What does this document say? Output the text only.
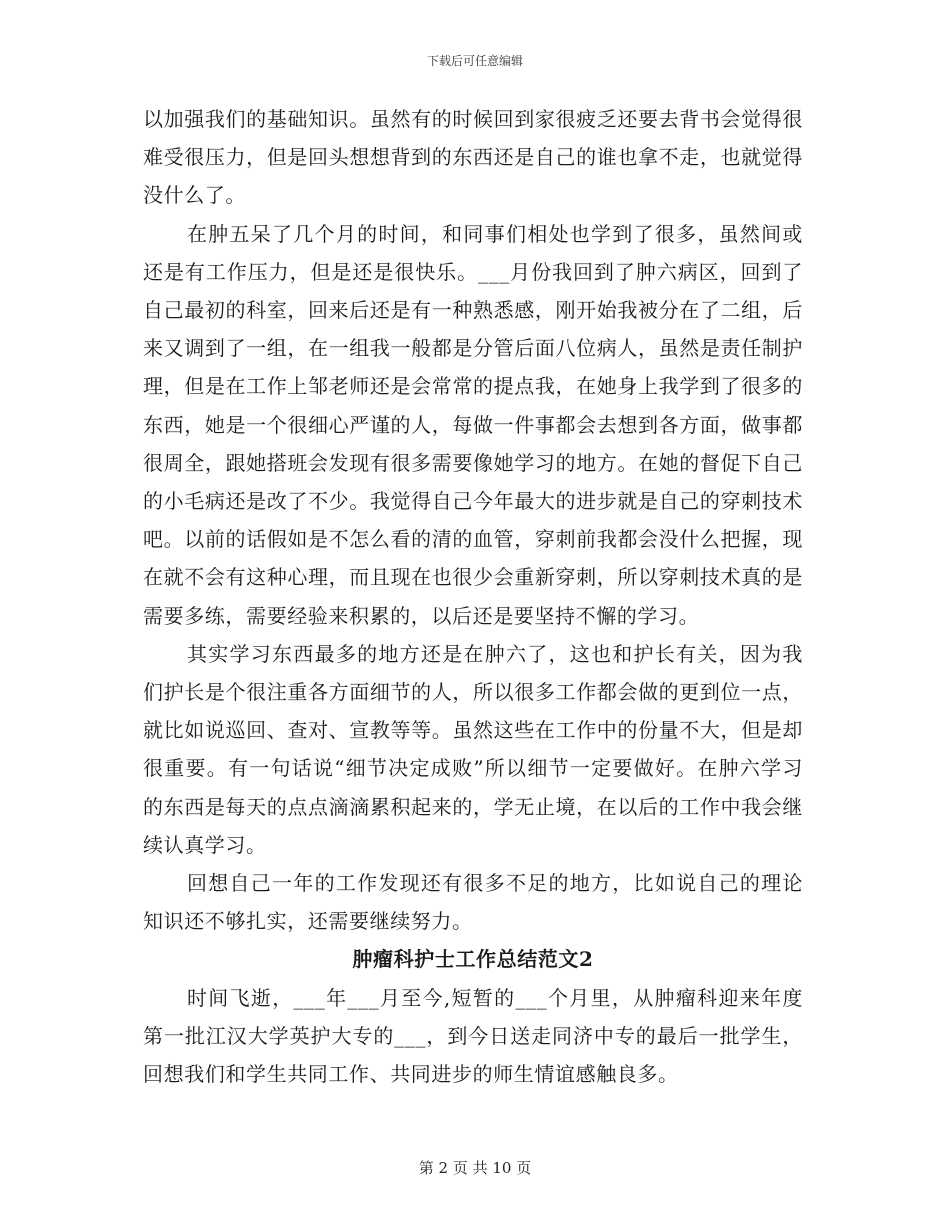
下载后可任意编辑

以加强我们的基础知识。虽然有的时候回到家很疲乏还要去背书会觉得很难受很压力，但是回头想想背到的东西还是自己的谁也拿不走，也就觉得没什么了。

在肿五呆了几个月的时间，和同事们相处也学到了很多，虽然间或还是有工作压力，但是还是很快乐。___月份我回到了肿六病区，回到了自己最初的科室，回来后还是有一种熟悉感，刚开始我被分在了二组，后来又调到了一组，在一组我一般都是分管后面八位病人，虽然是责任制护理，但是在工作上邹老师还是会常常的提点我，在她身上我学到了很多的东西，她是一个很细心严谨的人，每做一件事都会去想到各方面，做事都很周全，跟她搭班会发现有很多需要像她学习的地方。在她的督促下自己的小毛病还是改了不少。我觉得自己今年最大的进步就是自己的穿刺技术吧。以前的话假如是不怎么看的清的血管，穿刺前我都会没什么把握，现在就不会有这种心理，而且现在也很少会重新穿刺，所以穿刺技术真的是需要多练，需要经验来积累的，以后还是要坚持不懈的学习。

其实学习东西最多的地方还是在肿六了，这也和护长有关，因为我们护长是个很注重各方面细节的人，所以很多工作都会做的更到位一点，就比如说巡回、查对、宣教等等。虽然这些在工作中的份量不大，但是却很重要。有一句话说“细节决定成败”所以细节一定要做好。在肿六学习的东西是每天的点点滴滴累积起来的，学无止境，在以后的工作中我会继续认真学习。

回想自己一年的工作发现还有很多不足的地方，比如说自己的理论知识还不够扎实，还需要继续努力。

肿瘤科护士工作总结范文2

时间飞逝，___年___月至今,短暂的___个月里，从肿瘤科迎来年度第一批江汉大学英护大专的___，到今日送走同济中专的最后一批学生，回想我们和学生共同工作、共同进步的师生情谊感触良多。

第 2 页 共 10 页
